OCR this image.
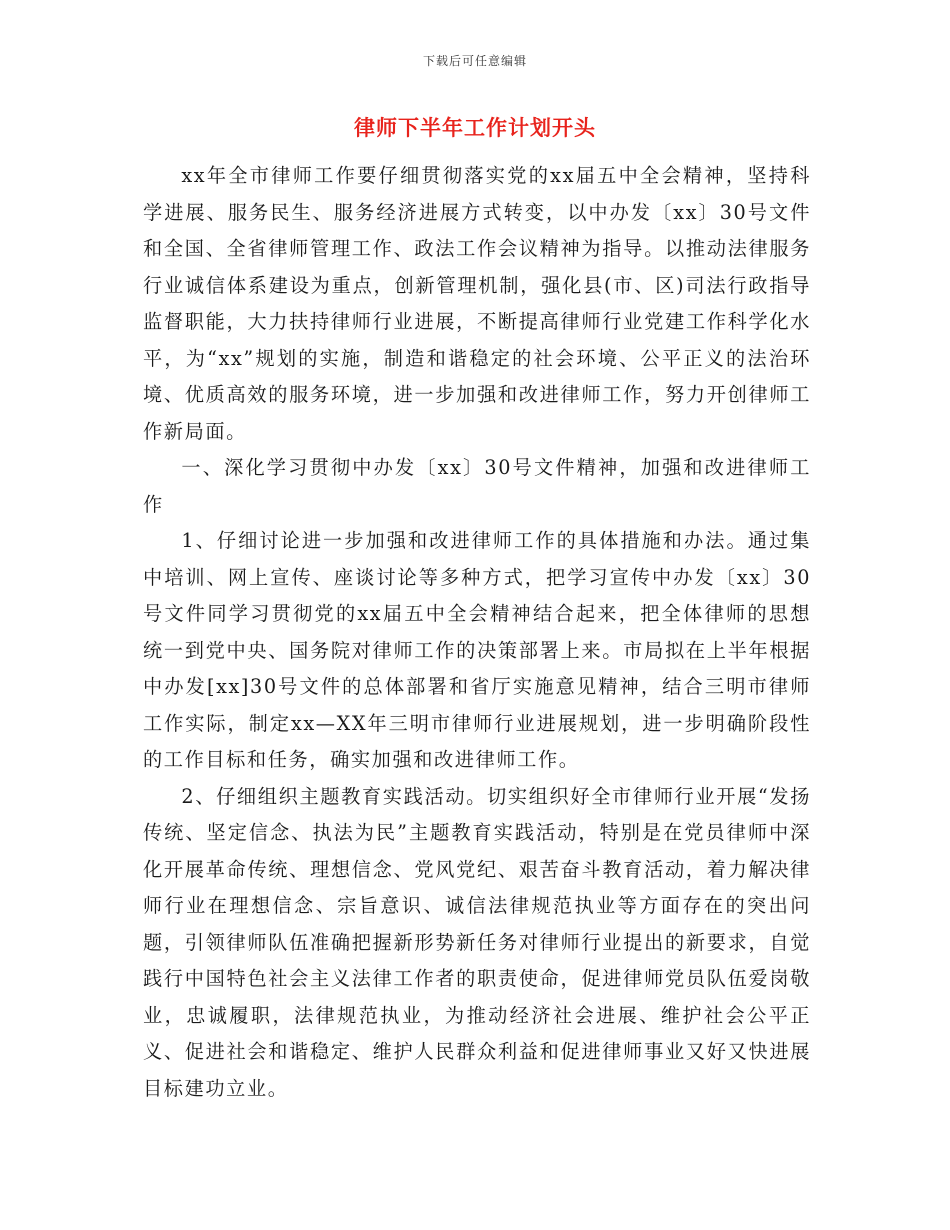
下载后可任意编辑
律师下半年工作计划开头

xx年全市律师工作要仔细贯彻落实党的xx届五中全会精神，坚持科学进展、服务民生、服务经济进展方式转变，以中办发〔xx〕30号文件和全国、全省律师管理工作、政法工作会议精神为指导。以推动法律服务行业诚信体系建设为重点，创新管理机制，强化县(市、区)司法行政指导监督职能，大力扶持律师行业进展，不断提高律师行业党建工作科学化水平，为“xx”规划的实施，制造和谐稳定的社会环境、公平正义的法治环境、优质高效的服务环境，进一步加强和改进律师工作，努力开创律师工作新局面。

一、深化学习贯彻中办发〔xx〕30号文件精神，加强和改进律师工作

1、仔细讨论进一步加强和改进律师工作的具体措施和办法。通过集中培训、网上宣传、座谈讨论等多种方式，把学习宣传中办发〔xx〕30号文件同学习贯彻党的xx届五中全会精神结合起来，把全体律师的思想统一到党中央、国务院对律师工作的决策部署上来。市局拟在上半年根据中办发[xx]30号文件的总体部署和省厅实施意见精神，结合三明市律师工作实际，制定xx—XX年三明市律师行业进展规划，进一步明确阶段性的工作目标和任务，确实加强和改进律师工作。

2、仔细组织主题教育实践活动。切实组织好全市律师行业开展“发扬传统、坚定信念、执法为民”主题教育实践活动，特别是在党员律师中深化开展革命传统、理想信念、党风党纪、艰苦奋斗教育活动，着力解决律师行业在理想信念、宗旨意识、诚信法律规范执业等方面存在的突出问题，引领律师队伍准确把握新形势新任务对律师行业提出的新要求，自觉践行中国特色社会主义法律工作者的职责使命，促进律师党员队伍爱岗敬业，忠诚履职，法律规范执业，为推动经济社会进展、维护社会公平正义、促进社会和谐稳定、维护人民群众利益和促进律师事业又好又快进展目标建功立业。
